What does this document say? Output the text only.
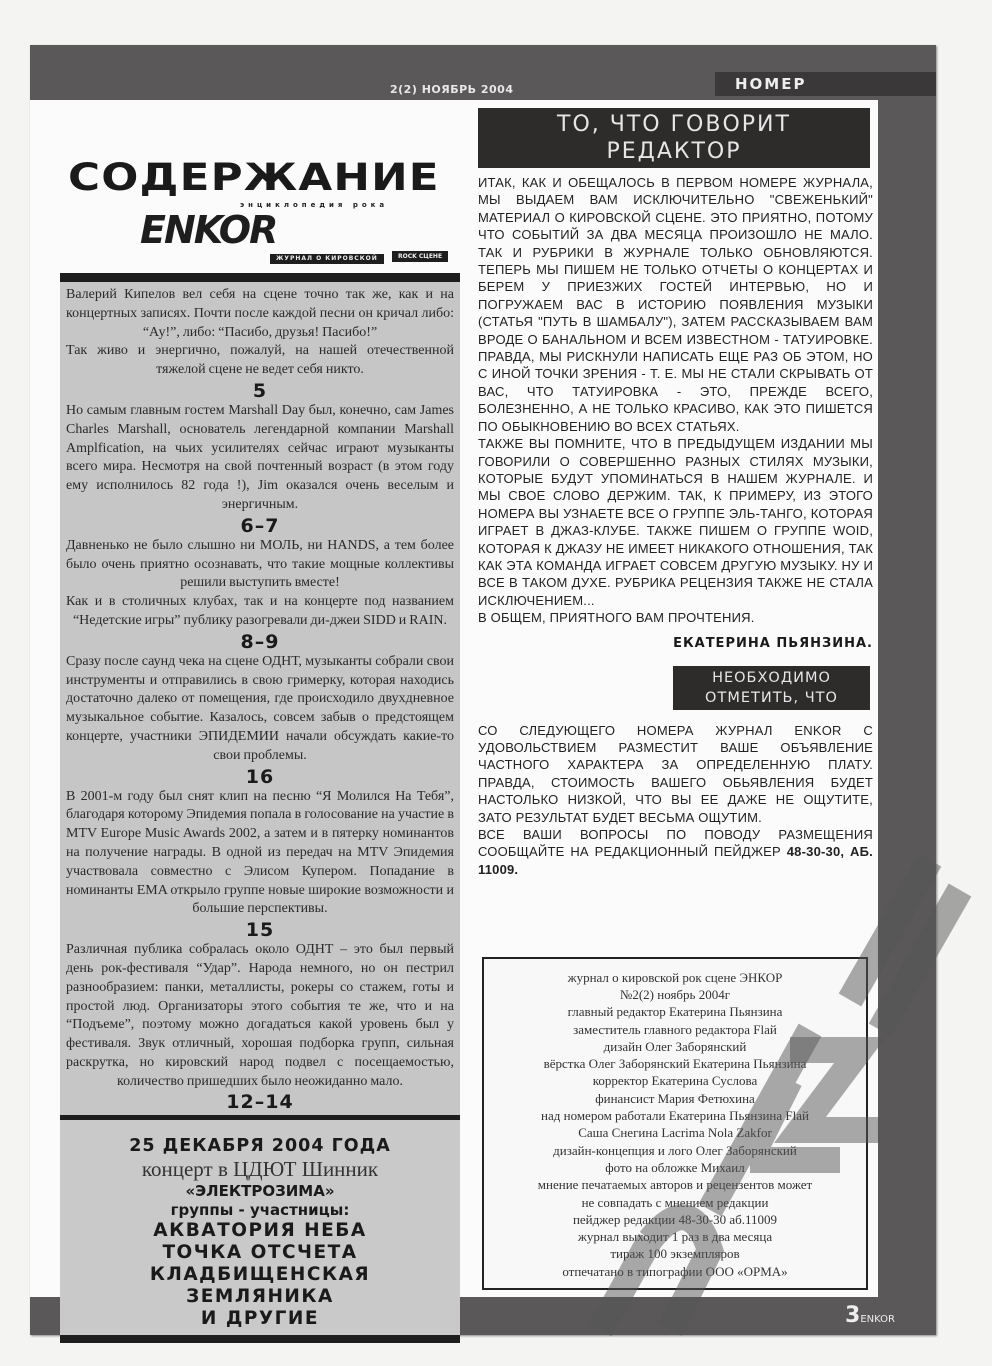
2(2) НОЯБРЬ 2004	НОМЕР
СОДЕРЖАНИЕ
энциклопедия рока
ENKOR
ЖУРНАЛ О КИРОВСКОЙ	ROCK СЦЕНЕ

Валерий Кипелов вел себя на сцене точно так же, как и на концертных записях. Почти после каждой песни он кричал либо: “Ау!”, либо: “Пасибо, друзья! Пасибо!”

Так живо и энергично, пожалуй, на нашей отечественной тяжелой сцене не ведет себя никто.

5

Но самым главным гостем Marshall Day был, конечно, сам James Charles Marshall, основатель легендарной компании Marshall Amplfication, на чьих усилителях сейчас играют музыканты всего мира. Несмотря на свой почтенный возраст (в этом году ему исполнилось 82 года !), Jim оказался очень веселым и энергичным.

6–7

Давненько не было слышно ни МОЛЬ, ни HANDS, а тем более было очень приятно осознавать, что такие мощные коллективы решили выступить вместе!

Как и в столичных клубах, так и на концерте под названием “Недетские игры” публику разогревали ди-джеи SIDD и RAIN.

8–9

Сразу после саунд чека на сцене ОДНТ, музыканты собрали свои инструменты и отправились в свою гримерку, которая находись достаточно далеко от помещения, где происходило двухдневное музыкальное событие. Казалось, совсем забыв о предстоящем концерте, участники ЭПИДЕМИИ начали обсуждать какие-то свои проблемы.

16

В 2001-м году был снят клип на песню “Я Молился На Тебя”, благодаря которому Эпидемия попала в голосование на участие в MTV Europe Music Awards 2002, а затем и в пятерку номинантов на получение награды. В одной из передач на MTV Эпидемия участвовала совместно с Элисом Купером. Попадание в номинанты EMA открыло группе новые широкие возможности и большие перспективы.

15

Различная публика собралась около ОДНТ – это был первый день рок-фестиваля “Удар”. Народа немного, но он пестрил разнообразием: панки, металлисты, рокеры со стажем, готы и простой люд. Организаторы этого события те же, что и на “Подъеме”, поэтому можно догадаться какой уровень был у фестиваля. Звук отличный, хорошая подборка групп, сильная раскрутка, но кировский народ подвел с посещаемостью, количество пришедших было неожиданно мало.

12–14
25 ДЕКАБРЯ 2004 ГОДА
концерт в ЦДЮТ Шинник
«ЭЛЕКТРОЗИМА»
группы - участницы:
АКВАТОРИЯ НЕБА
ТОЧКА ОТСЧЕТА
КЛАДБИЩЕНСКАЯ
ЗЕМЛЯНИКА
И ДРУГИЕ
ТО, ЧТО ГОВОРИТ
РЕДАКТОР

ИТАК, КАК И ОБЕЩАЛОСЬ В ПЕРВОМ НОМЕРЕ ЖУРНАЛА, МЫ ВЫДАЕМ ВАМ ИСКЛЮЧИТЕЛЬНО "СВЕЖЕНЬКИЙ" МАТЕРИАЛ О КИРОВСКОЙ СЦЕНЕ. ЭТО ПРИЯТНО, ПОТОМУ ЧТО СОБЫТИЙ ЗА ДВА МЕСЯЦА ПРОИЗОШЛО НЕ МАЛО. ТАК И РУБРИКИ В ЖУРНАЛЕ ТОЛЬКО ОБНОВЛЯЮТСЯ. ТЕПЕРЬ МЫ ПИШЕМ НЕ ТОЛЬКО ОТЧЕТЫ О КОНЦЕРТАХ И БЕРЕМ У ПРИЕЗЖИХ ГОСТЕЙ ИНТЕРВЬЮ, НО И ПОГРУЖАЕМ ВАС В ИСТОРИЮ ПОЯВЛЕНИЯ МУЗЫКИ (СТАТЬЯ "ПУТЬ В ШАМБАЛУ"), ЗАТЕМ РАССКАЗЫВАЕМ ВАМ ВРОДЕ О БАНАЛЬНОМ И ВСЕМ ИЗВЕСТНОМ - ТАТУИРОВКЕ. ПРАВДА, МЫ РИСКНУЛИ НАПИСАТЬ ЕЩЕ РАЗ ОБ ЭТОМ, НО С ИНОЙ ТОЧКИ ЗРЕНИЯ - Т. Е. МЫ НЕ СТАЛИ СКРЫВАТЬ ОТ ВАС, ЧТО ТАТУИРОВКА - ЭТО, ПРЕЖДЕ ВСЕГО, БОЛЕЗНЕННО, А НЕ ТОЛЬКО КРАСИВО, КАК ЭТО ПИШЕТСЯ ПО ОБЫКНОВЕНИЮ ВО ВСЕХ СТАТЬЯХ.

ТАКЖЕ ВЫ ПОМНИТЕ, ЧТО В ПРЕДЫДУЩЕМ ИЗДАНИИ МЫ ГОВОРИЛИ О СОВЕРШЕННО РАЗНЫХ СТИЛЯХ МУЗЫКИ, КОТОРЫЕ БУДУТ УПОМИНАТЬСЯ В НАШЕМ ЖУРНАЛЕ. И МЫ СВОЕ СЛОВО ДЕРЖИМ. ТАК, К ПРИМЕРУ, ИЗ ЭТОГО НОМЕРА ВЫ УЗНАЕТЕ ВСЕ О ГРУППЕ ЭЛЬ-ТАНГО, КОТОРАЯ ИГРАЕТ В ДЖАЗ-КЛУБЕ. ТАКЖЕ ПИШЕМ О ГРУППЕ WOID, КОТОРАЯ К ДЖАЗУ НЕ ИМЕЕТ НИКАКОГО ОТНОШЕНИЯ, ТАК КАК ЭТА КОМАНДА ИГРАЕТ СОВСЕМ ДРУГУЮ МУЗЫКУ. НУ И ВСЕ В ТАКОМ ДУХЕ. РУБРИКА РЕЦЕНЗИЯ ТАКЖЕ НЕ СТАЛА ИСКЛЮЧЕНИЕМ...

В ОБЩЕМ, ПРИЯТНОГО ВАМ ПРОЧТЕНИЯ.

ЕКАТЕРИНА ПЬЯНЗИНА.
НЕОБХОДИМО
ОТМЕТИТЬ, ЧТО

СО СЛЕДУЮЩЕГО НОМЕРА ЖУРНАЛ ENKOR С УДОВОЛЬСТВИЕМ РАЗМЕСТИТ ВАШЕ ОБЪЯВЛЕНИЕ ЧАСТНОГО ХАРАКТЕРА ЗА ОПРЕДЕЛЕННУЮ ПЛАТУ. ПРАВДА, СТОИМОСТЬ ВАШЕГО ОБЬЯВЛЕНИЯ БУДЕТ НАСТОЛЬКО НИЗКОЙ, ЧТО ВЫ ЕЕ ДАЖЕ НЕ ОЩУТИТЕ, ЗАТО РЕЗУЛЬТАТ БУДЕТ ВЕСЬМА ОЩУТИМ.

ВСЕ ВАШИ ВОПРОСЫ ПО ПОВОДУ РАЗМЕЩЕНИЯ СООБЩАЙТЕ НА РЕДАКЦИОННЫЙ ПЕЙДЖЕР 48-30-30, АБ. 11009.

журнал о кировской рок сцене ЭНКОР
№2(2) ноябрь 2004г
главный редактор Екатерина Пьянзина
заместитель главного редактора Flaй
дизайн Олег Заборянский
вёрстка Олег Заборянский Екатерина Пьянзина
корректор Екатерина Суслова
финансист Мария Фетюхина
над номером работали Екатерина Пьянзина Flaй
Саша Снегина Lacrima Nola Zakfor
дизайн-концепция и лого Олег Заборянский
фото на обложке Михаил
мнение печатаемых авторов и рецензентов может
не совпадать с мнением редакции
пейджер редакции 48-30-30 аб.11009
журнал выходит 1 раз в два месяца
тираж 100 экземпляров
отпечатано в типографии ООО «ОРМА»
3ENKOR
